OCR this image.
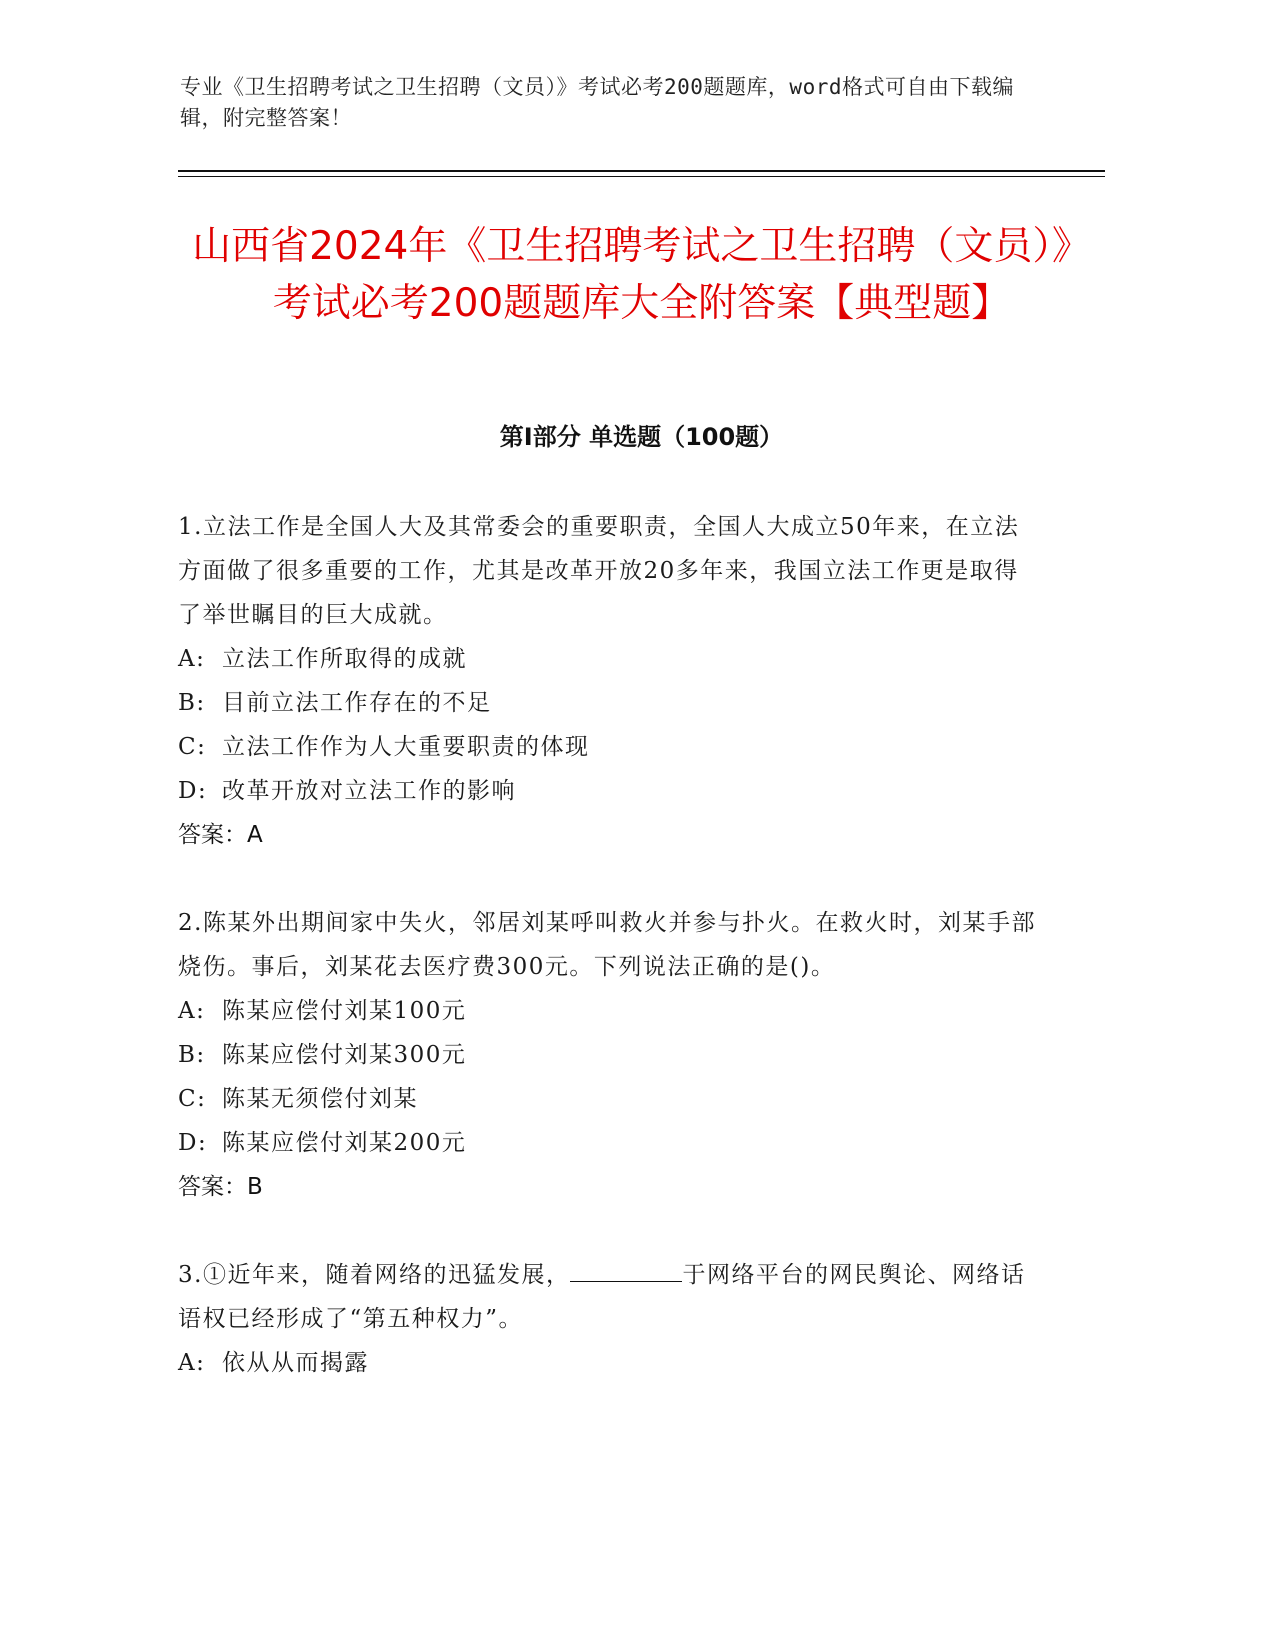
专业《卫生招聘考试之卫生招聘（文员）》考试必考200题题库，word格式可自由下载编辑，附完整答案！
山西省2024年《卫生招聘考试之卫生招聘（文员）》考试必考200题题库大全附答案【典型题】
第I部分 单选题（100题）
1.立法工作是全国人大及其常委会的重要职责，全国人大成立50年来，在立法方面做了很多重要的工作，尤其是改革开放20多年来，我国立法工作更是取得了举世瞩目的巨大成就。
A: 立法工作所取得的成就
B: 目前立法工作存在的不足
C: 立法工作作为人大重要职责的体现
D: 改革开放对立法工作的影响
答案：A
2.陈某外出期间家中失火，邻居刘某呼叫救火并参与扑火。在救火时，刘某手部烧伤。事后，刘某花去医疗费300元。下列说法正确的是()。
A: 陈某应偿付刘某100元
B: 陈某应偿付刘某300元
C: 陈某无须偿付刘某
D: 陈某应偿付刘某200元
答案：B
3.①近年来，随着网络的迅猛发展，	于网络平台的网民舆论、网络话语权已经形成了“第五种权力”。
A: 依从从而揭露
